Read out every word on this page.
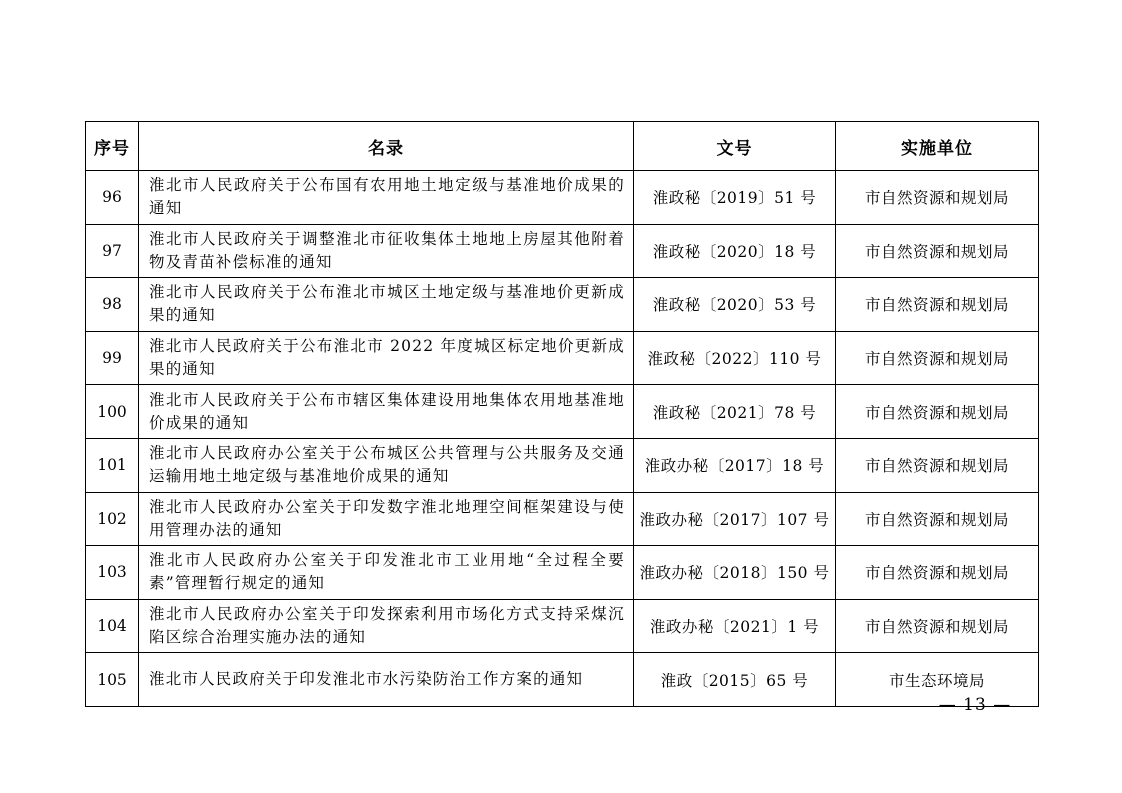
序号	名录	文号	实施单位
96	淮北市人民政府关于公布国有农用地土地定级与基准地价成果的通知	淮政秘〔2019〕51 号	市自然资源和规划局
97	淮北市人民政府关于调整淮北市征收集体土地地上房屋其他附着物及青苗补偿标准的通知	淮政秘〔2020〕18 号	市自然资源和规划局
98	淮北市人民政府关于公布淮北市城区土地定级与基准地价更新成果的通知	淮政秘〔2020〕53 号	市自然资源和规划局
99	淮北市人民政府关于公布淮北市 2022 年度城区标定地价更新成果的通知	淮政秘〔2022〕110 号	市自然资源和规划局
100	淮北市人民政府关于公布市辖区集体建设用地集体农用地基准地价成果的通知	淮政秘〔2021〕78 号	市自然资源和规划局
101	淮北市人民政府办公室关于公布城区公共管理与公共服务及交通运输用地土地定级与基准地价成果的通知	淮政办秘〔2017〕18 号	市自然资源和规划局
102	淮北市人民政府办公室关于印发数字淮北地理空间框架建设与使用管理办法的通知	淮政办秘〔2017〕107 号	市自然资源和规划局
103	淮北市人民政府办公室关于印发淮北市工业用地“全过程全要素”管理暂行规定的通知	淮政办秘〔2018〕150 号	市自然资源和规划局
104	淮北市人民政府办公室关于印发探索利用市场化方式支持采煤沉陷区综合治理实施办法的通知	淮政办秘〔2021〕1 号	市自然资源和规划局
105	淮北市人民政府关于印发淮北市水污染防治工作方案的通知	淮政〔2015〕65 号	市生态环境局
— 13 —
